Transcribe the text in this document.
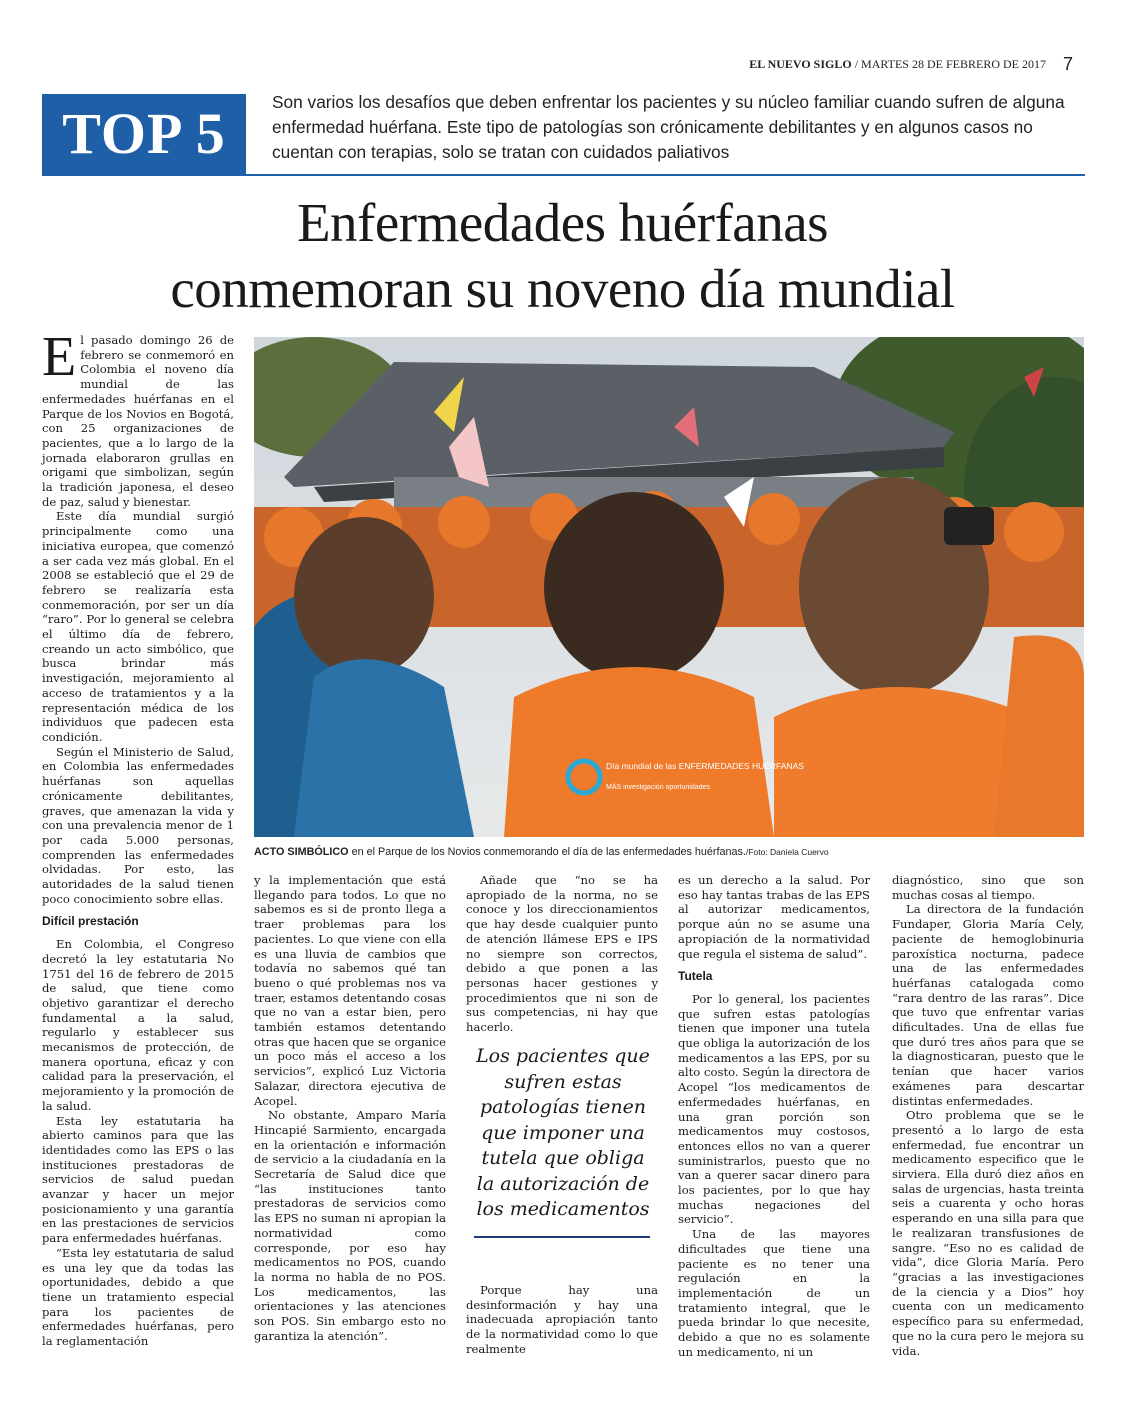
EL NUEVO SIGLO / MARTES 28 DE FEBRERO DE 2017 7
TOP 5	Son varios los desafíos que deben enfrentar los pacientes y su núcleo familiar cuando sufren de alguna enfermedad huérfana. Este tipo de patologías son crónicamente debilitantes y en algunos casos no cuentan con terapias, solo se tratan con cuidados paliativos
Enfermedades huérfanas
conmemoran su noveno día mundial

El pasado domingo 26 de febrero se conmemoró en Colombia el noveno día mundial de las enfermedades huérfanas en el Parque de los Novios en Bogotá, con 25 organizaciones de pacientes, que a lo largo de la jornada elaboraron grullas en origami que simbolizan, según la tradición japonesa, el deseo de paz, salud y bienestar.

Este día mundial surgió principalmente como una iniciativa europea, que comenzó a ser cada vez más global. En el 2008 se estableció que el 29 de febrero se realizaría esta conmemoración, por ser un día “raro”. Por lo general se celebra el último día de febrero, creando un acto simbólico, que busca brindar más investigación, mejoramiento al acceso de tratamientos y a la representación médica de los individuos que padecen esta condición.

Según el Ministerio de Salud, en Colombia las enfermedades huérfanas son aquellas crónicamente debilitantes, graves, que amenazan la vida y con una prevalencia menor de 1 por cada 5.000 personas, comprenden las enfermedades olvidadas. Por esto, las autoridades de la salud tienen poco conocimiento sobre ellas.

Difícil prestación

En Colombia, el Congreso decretó la ley estatutaria No 1751 del 16 de febrero de 2015 de salud, que tiene como objetivo garantizar el derecho fundamental a la salud, regularlo y establecer sus mecanismos de protección, de manera oportuna, eficaz y con calidad para la preservación, el mejoramiento y la promoción de la salud.

Esta ley estatutaria ha abierto caminos para que las identidades como las EPS o las instituciones prestadoras de servicios de salud puedan avanzar y hacer un mejor posicionamiento y una garantía en las prestaciones de servicios para enfermedades huérfanas.

“Esta ley estatutaria de salud es una ley que da todas las oportunidades, debido a que tiene un tratamiento especial para los pacientes de enfermedades huérfanas, pero la reglamentación

Día mundial de las ENFERMEDADES HUÉRFANAS
MÁS investigación oportunidades
ACTO SIMBÓLICO en el Parque de los Novios conmemorando el día de las enfermedades huérfanas./Foto: Daniela Cuervo

y la implementación que está llegando para todos. Lo que no sabemos es si de pronto llega a traer problemas para los pacientes. Lo que viene con ella es una lluvia de cambios que todavía no sabemos qué tan bueno o qué problemas nos va traer, estamos detentando cosas que no van a estar bien, pero también estamos detentando otras que hacen que se organice un poco más el acceso a los servicios”, explicó Luz Victoria Salazar, directora ejecutiva de Acopel.

No obstante, Amparo María Hincapié Sarmiento, encargada en la orientación e información de servicio a la ciudadanía en la Secretaría de Salud dice que “las instituciones tanto prestadoras de servicios como las EPS no suman ni apropian la normatividad como corresponde, por eso hay medicamentos no POS, cuando la norma no habla de no POS. Los medicamentos, las orientaciones y las atenciones son POS. Sin embargo esto no garantiza la atención”.

Añade que “no se ha apropiado de la norma, no se conoce y los direccionamientos que hay desde cualquier punto de atención llámese EPS e IPS no siempre son correctos, debido a que ponen a las personas hacer gestiones y procedimientos que ni son de sus competencias, ni hay que hacerlo.

Los pacientes que sufren estas patologías tienen que imponer una tutela que obliga la autorización de los medicamentos

Porque hay una desinformación y hay una inadecuada apropiación tanto de la normatividad como lo que realmente

es un derecho a la salud. Por eso hay tantas trabas de las EPS al autorizar medicamentos, porque aún no se asume una apropiación de la normatividad que regula el sistema de salud”.

Tutela

Por lo general, los pacientes que sufren estas patologías tienen que imponer una tutela que obliga la autorización de los medicamentos a las EPS, por su alto costo. Según la directora de Acopel “los medicamentos de enfermedades huérfanas, en una gran porción son medicamentos muy costosos, entonces ellos no van a querer suministrarlos, puesto que no van a querer sacar dinero para los pacientes, por lo que hay muchas negaciones del servicio”.

Una de las mayores dificultades que tiene una paciente es no tener una regulación en la implementación de un tratamiento integral, que le pueda brindar lo que necesite, debido a que no es solamente un medicamento, ni un

diagnóstico, sino que son muchas cosas al tiempo.

La directora de la fundación Fundaper, Gloria María Cely, paciente de hemoglobinuria paroxística nocturna, padece una de las enfermedades huérfanas catalogada como “rara dentro de las raras”. Dice que tuvo que enfrentar varias dificultades. Una de ellas fue que duró tres años para que se la diagnosticaran, puesto que le tenían que hacer varios exámenes para descartar distintas enfermedades.

Otro problema que se le presentó a lo largo de esta enfermedad, fue encontrar un medicamento especifico que le sirviera. Ella duró diez años en salas de urgencias, hasta treinta seis a cuarenta y ocho horas esperando en una silla para que le realizaran transfusiones de sangre. “Eso no es calidad de vida”, dice Gloria María. Pero “gracias a las investigaciones de la ciencia y a Dios” hoy cuenta con un medicamento específico para su enfermedad, que no la cura pero le mejora su vida.
